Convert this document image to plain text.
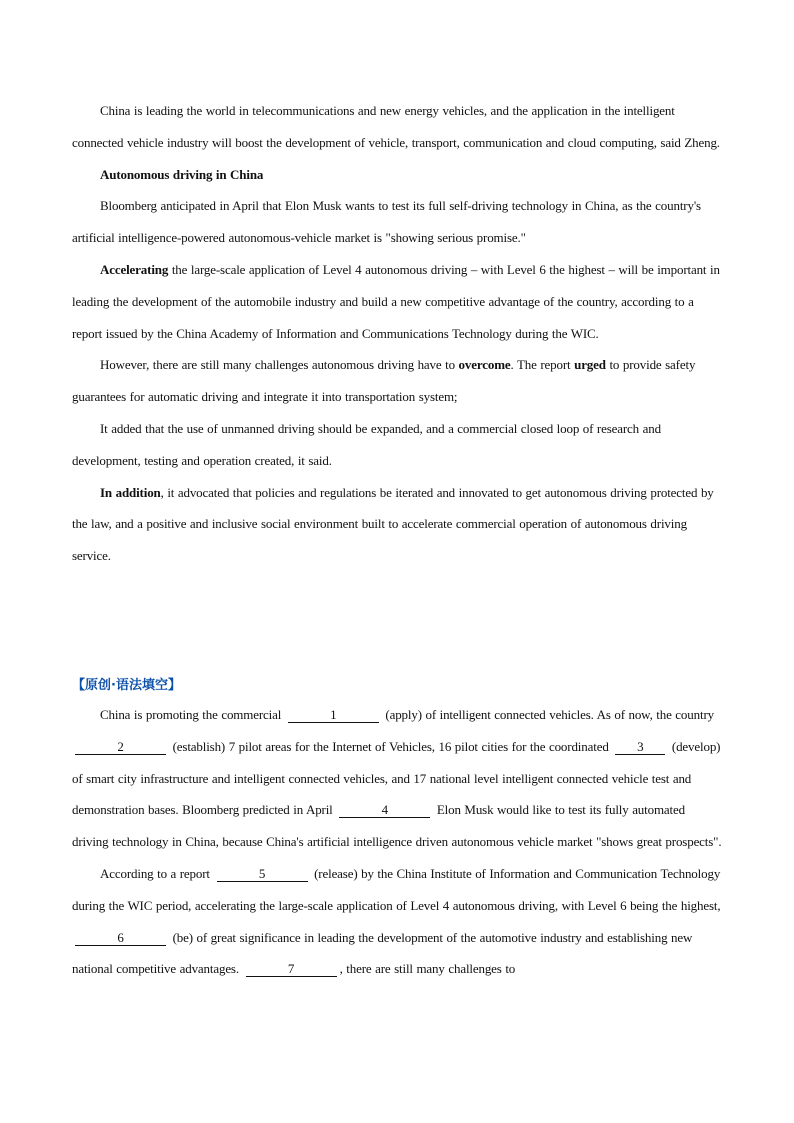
China is leading the world in telecommunications and new energy vehicles, and the application in the intelligent connected vehicle industry will boost the development of vehicle, transport, communication and cloud computing, said Zheng.

Autonomous driving in China

Bloomberg anticipated in April that Elon Musk wants to test its full self-driving technology in China, as the country's artificial intelligence-powered autonomous-vehicle market is "showing serious promise."

Accelerating the large-scale application of Level 4 autonomous driving – with Level 6 the highest – will be important in leading the development of the automobile industry and build a new competitive advantage of the country, according to a report issued by the China Academy of Information and Communications Technology during the WIC.

However, there are still many challenges autonomous driving have to overcome. The report urged to provide safety guarantees for automatic driving and integrate it into transportation system;

It added that the use of unmanned driving should be expanded, and a commercial closed loop of research and development, testing and operation created, it said.

In addition, it advocated that policies and regulations be iterated and innovated to get autonomous driving protected by the law, and a positive and inclusive social environment built to accelerate commercial operation of autonomous driving service.

【原创·语法填空】

China is promoting the commercial	1	(apply) of intelligent connected vehicles. As of now, the country 2	(establish) 7 pilot areas for the Internet of Vehicles, 16 pilot cities for the coordinated 3 (develop) of smart city infrastructure and intelligent connected vehicles, and 17 national level intelligent connected vehicle test and demonstration bases. Bloomberg predicted in April	4	Elon Musk would like to test its fully automated driving technology in China, because China's artificial intelligence driven autonomous vehicle market "shows great prospects".

According to a report	5	(release) by the China Institute of Information and Communication Technology during the WIC period, accelerating the large-scale application of Level 4 autonomous driving, with Level 6 being the highest, 6	(be) of great significance in leading the development of the automotive industry and establishing new national competitive advantages.	7	, there are still many challenges to
